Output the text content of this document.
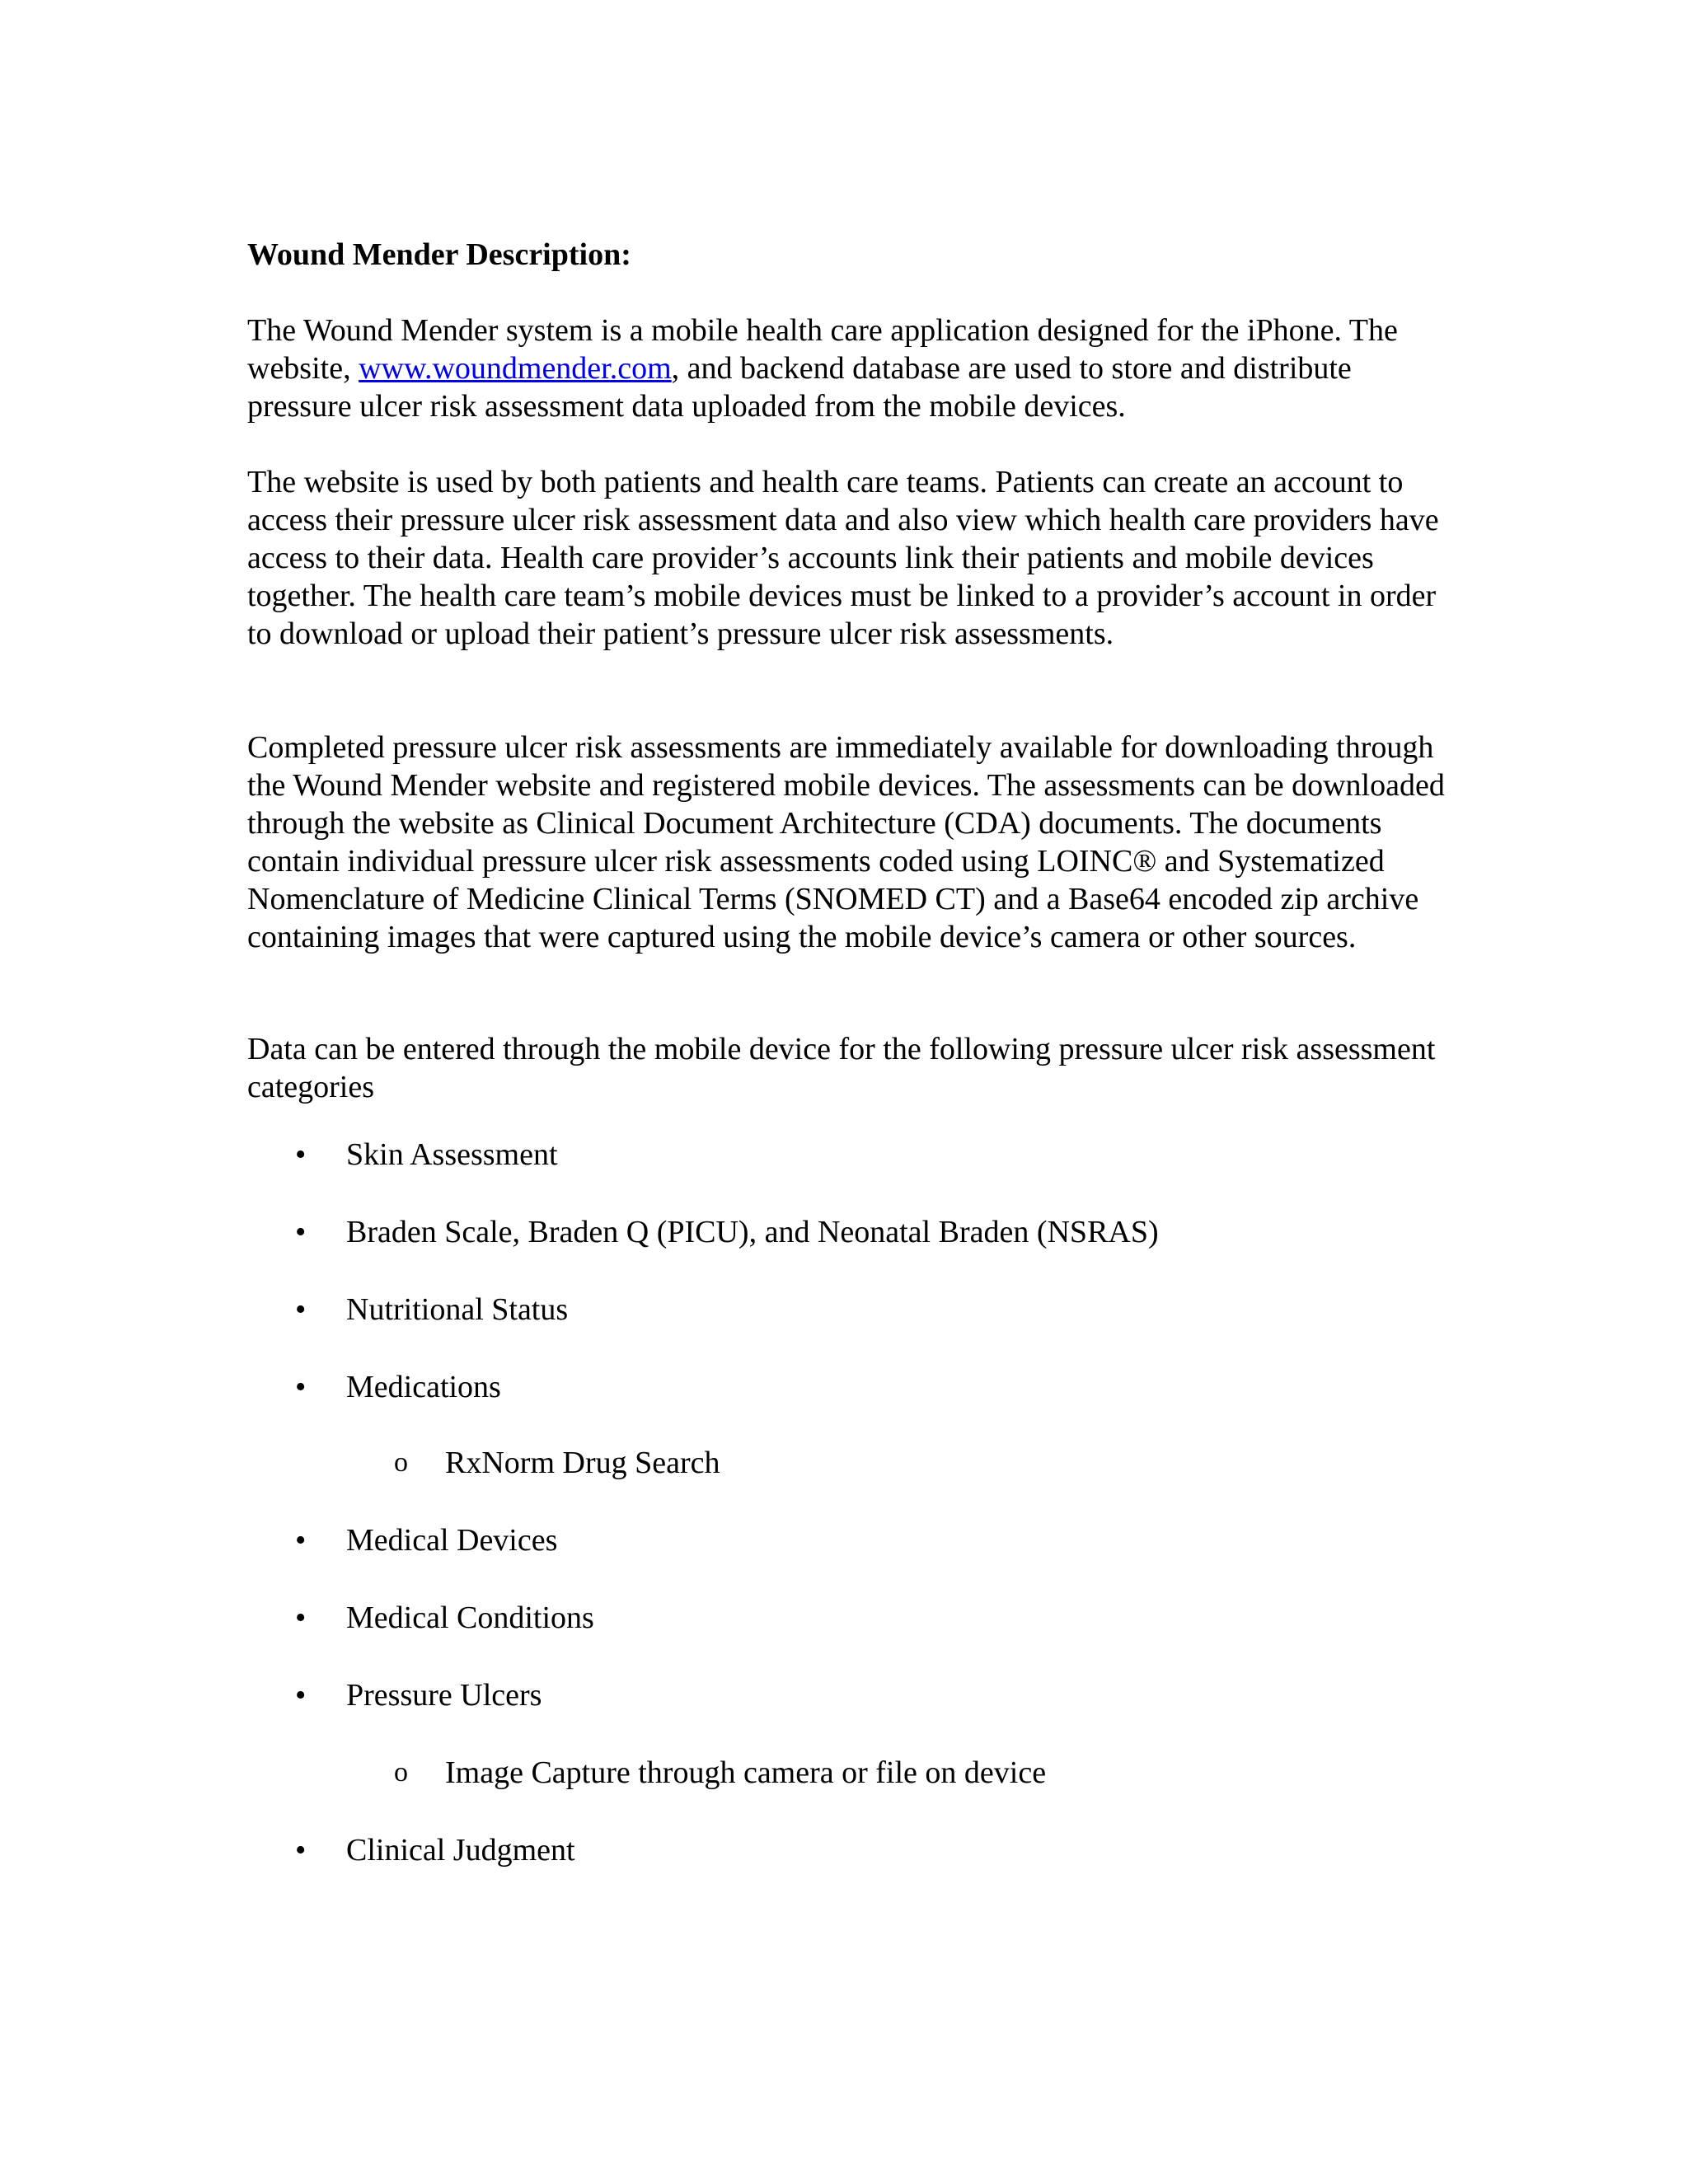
Wound Mender Description:

The Wound Mender system is a mobile health care application designed for the iPhone. The website, www.woundmender.com, and backend database are used to store and distribute pressure ulcer risk assessment data uploaded from the mobile devices.

The website is used by both patients and health care teams. Patients can create an account to access their pressure ulcer risk assessment data and also view which health care providers have access to their data. Health care provider’s accounts link their patients and mobile devices together. The health care team’s mobile devices must be linked to a provider’s account in order to download or upload their patient’s pressure ulcer risk assessments.

Completed pressure ulcer risk assessments are immediately available for downloading through the Wound Mender website and registered mobile devices. The assessments can be downloaded through the website as Clinical Document Architecture (CDA) documents. The documents contain individual pressure ulcer risk assessments coded using LOINC® and Systematized Nomenclature of Medicine Clinical Terms (SNOMED CT) and a Base64 encoded zip archive containing images that were captured using the mobile device’s camera or other sources.

Data can be entered through the mobile device for the following pressure ulcer risk assessment categories

• Skin Assessment
• Braden Scale, Braden Q (PICU), and Neonatal Braden (NSRAS)
• Nutritional Status
• Medications
o RxNorm Drug Search
• Medical Devices
• Medical Conditions
• Pressure Ulcers
o Image Capture through camera or file on device
• Clinical Judgment
